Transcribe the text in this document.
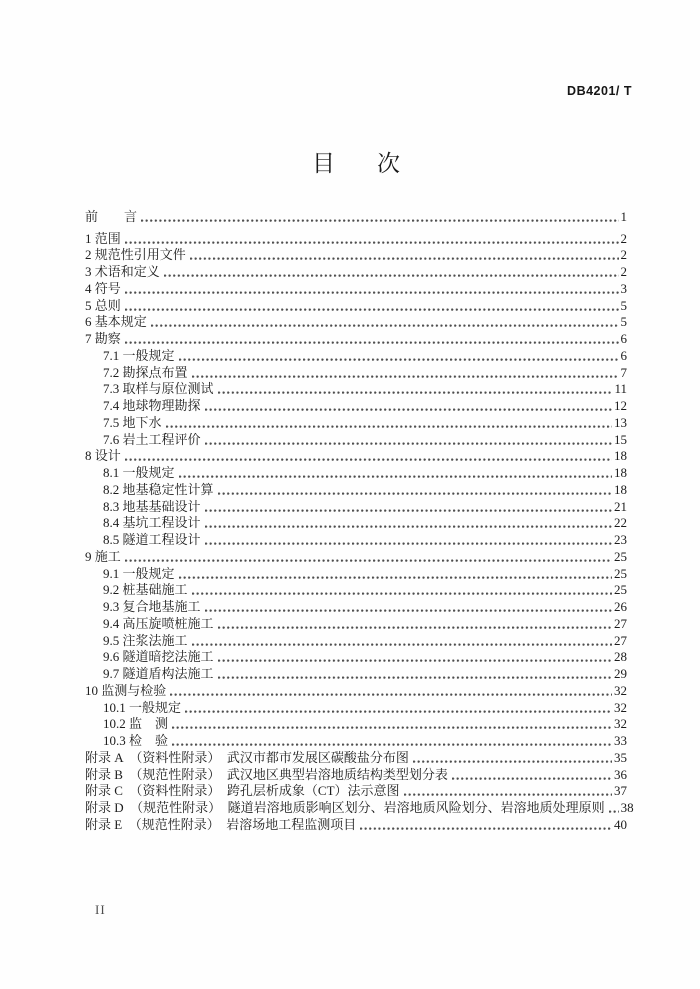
DB4201/ T
目 次
前　　言	1
1 范围	2
2 规范性引用文件	2
3 术语和定义	2
4 符号	3
5 总则	5
6 基本规定	5
7 勘察	6
7.1 一般规定	6
7.2 勘探点布置	7
7.3 取样与原位测试	11
7.4 地球物理勘探	12
7.5 地下水	13
7.6 岩土工程评价	15
8 设计	18
8.1 一般规定	18
8.2 地基稳定性计算	18
8.3 地基基础设计	21
8.4 基坑工程设计	22
8.5 隧道工程设计	23
9 施工	25
9.1 一般规定	25
9.2 桩基础施工	25
9.3 复合地基施工	26
9.4 高压旋喷桩施工	27
9.5 注浆法施工	27
9.6 隧道暗挖法施工	28
9.7 隧道盾构法施工	29
10 监测与检验	32
10.1 一般规定	32
10.2 监　测	32
10.3 检　验	33
附录 A　（资料性附录）　武汉市都市发展区碳酸盐分布图	35
附录 B　（规范性附录）　武汉地区典型岩溶地质结构类型划分表	36
附录 C　（资料性附录）　跨孔层析成象（CT）法示意图	37
附录 D　（规范性附录）　隧道岩溶地质影响区划分、岩溶地质风险划分、岩溶地质处理原则 38
附录 E　（规范性附录）　岩溶场地工程监测项目	40
II
